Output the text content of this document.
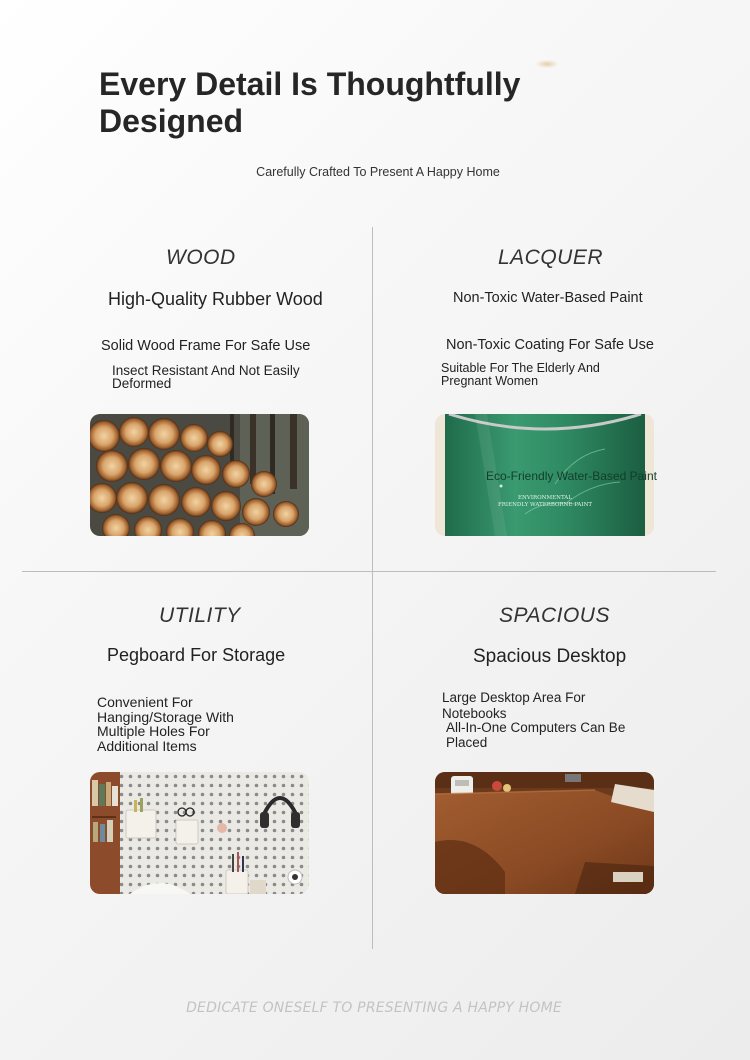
Every Detail Is Thoughtfully Designed
Carefully Crafted To Present A Happy Home
WOOD
High-Quality Rubber Wood
Solid Wood Frame For Safe Use
Insect Resistant And Not Easily Deformed
LACQUER
Non-Toxic Water-Based Paint
Non-Toxic Coating For Safe Use
Suitable For The Elderly And Pregnant Women
ENVIRONMENTAL
FRIENDLY WATERBORNE PAINT
Eco-Friendly Water-Based Paint
UTILITY
Pegboard For Storage
Convenient For Hanging/Storage With Multiple Holes For Additional Items
SPACIOUS
Spacious Desktop
Large Desktop Area For Notebooks
All-In-One Computers Can Be Placed
DEDICATE ONESELF TO PRESENTING A HAPPY HOME
